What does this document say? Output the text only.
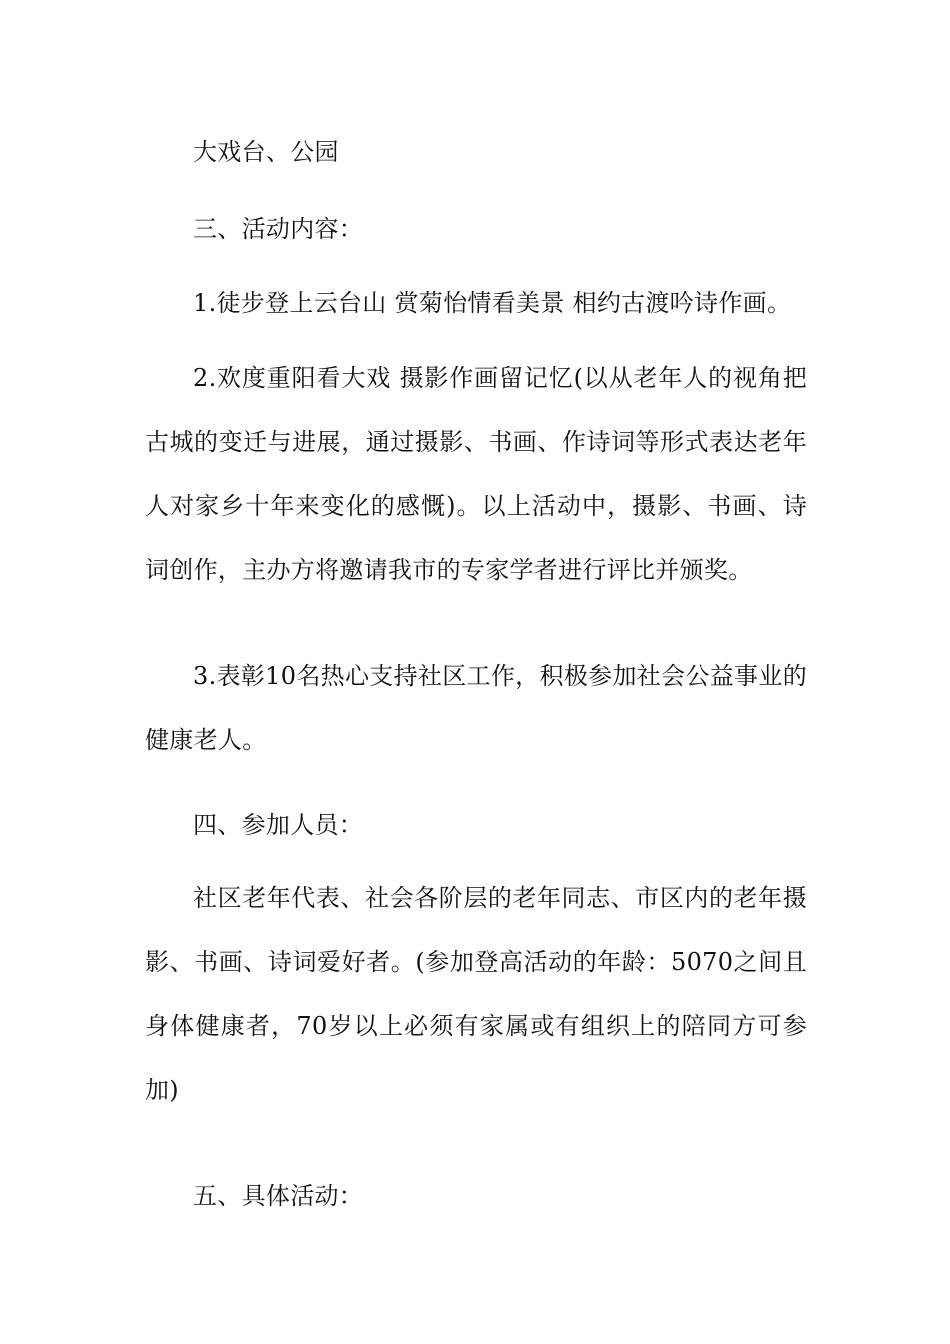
大戏台、公园

三、活动内容：

1.徒步登上云台山 赏菊怡情看美景 相约古渡吟诗作画。

2.欢度重阳看大戏 摄影作画留记忆(以从老年人的视角把古城的变迁与进展，通过摄影、书画、作诗词等形式表达老年人对家乡十年来变化的感慨)。以上活动中，摄影、书画、诗词创作，主办方将邀请我市的专家学者进行评比并颁奖。

3.表彰10名热心支持社区工作，积极参加社会公益事业的健康老人。

四、参加人员：

社区老年代表、社会各阶层的老年同志、市区内的老年摄影、书画、诗词爱好者。(参加登高活动的年龄：5070之间且身体健康者，70岁以上必须有家属或有组织上的陪同方可参加)

五、具体活动：
